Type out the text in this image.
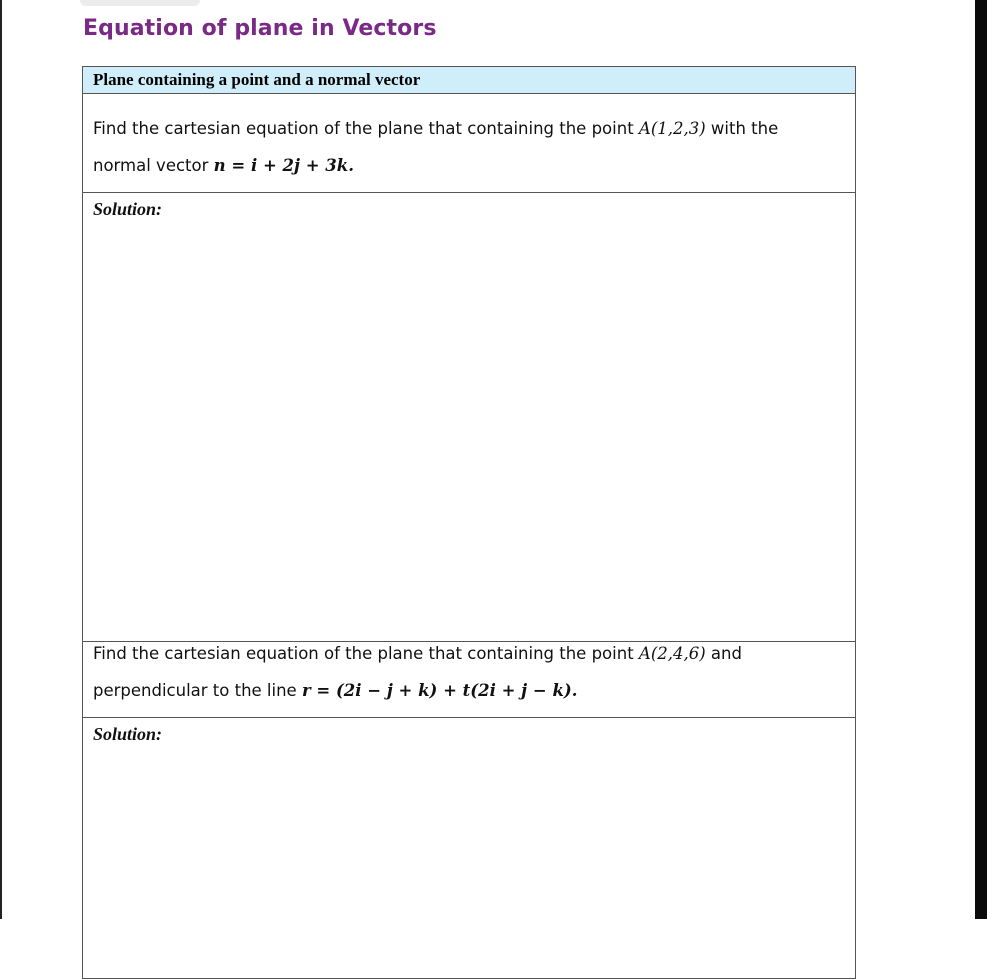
Equation of plane in Vectors
Plane containing a point and a normal vector

Find the cartesian equation of the plane that containing the point A(1,2,3) with the
normal vector n = i + 2j + 3k.

Solution:

Find the cartesian equation of the plane that containing the point A(2,4,6) and
perpendicular to the line r = (2i − j + k) + t(2i + j − k).

Solution:
